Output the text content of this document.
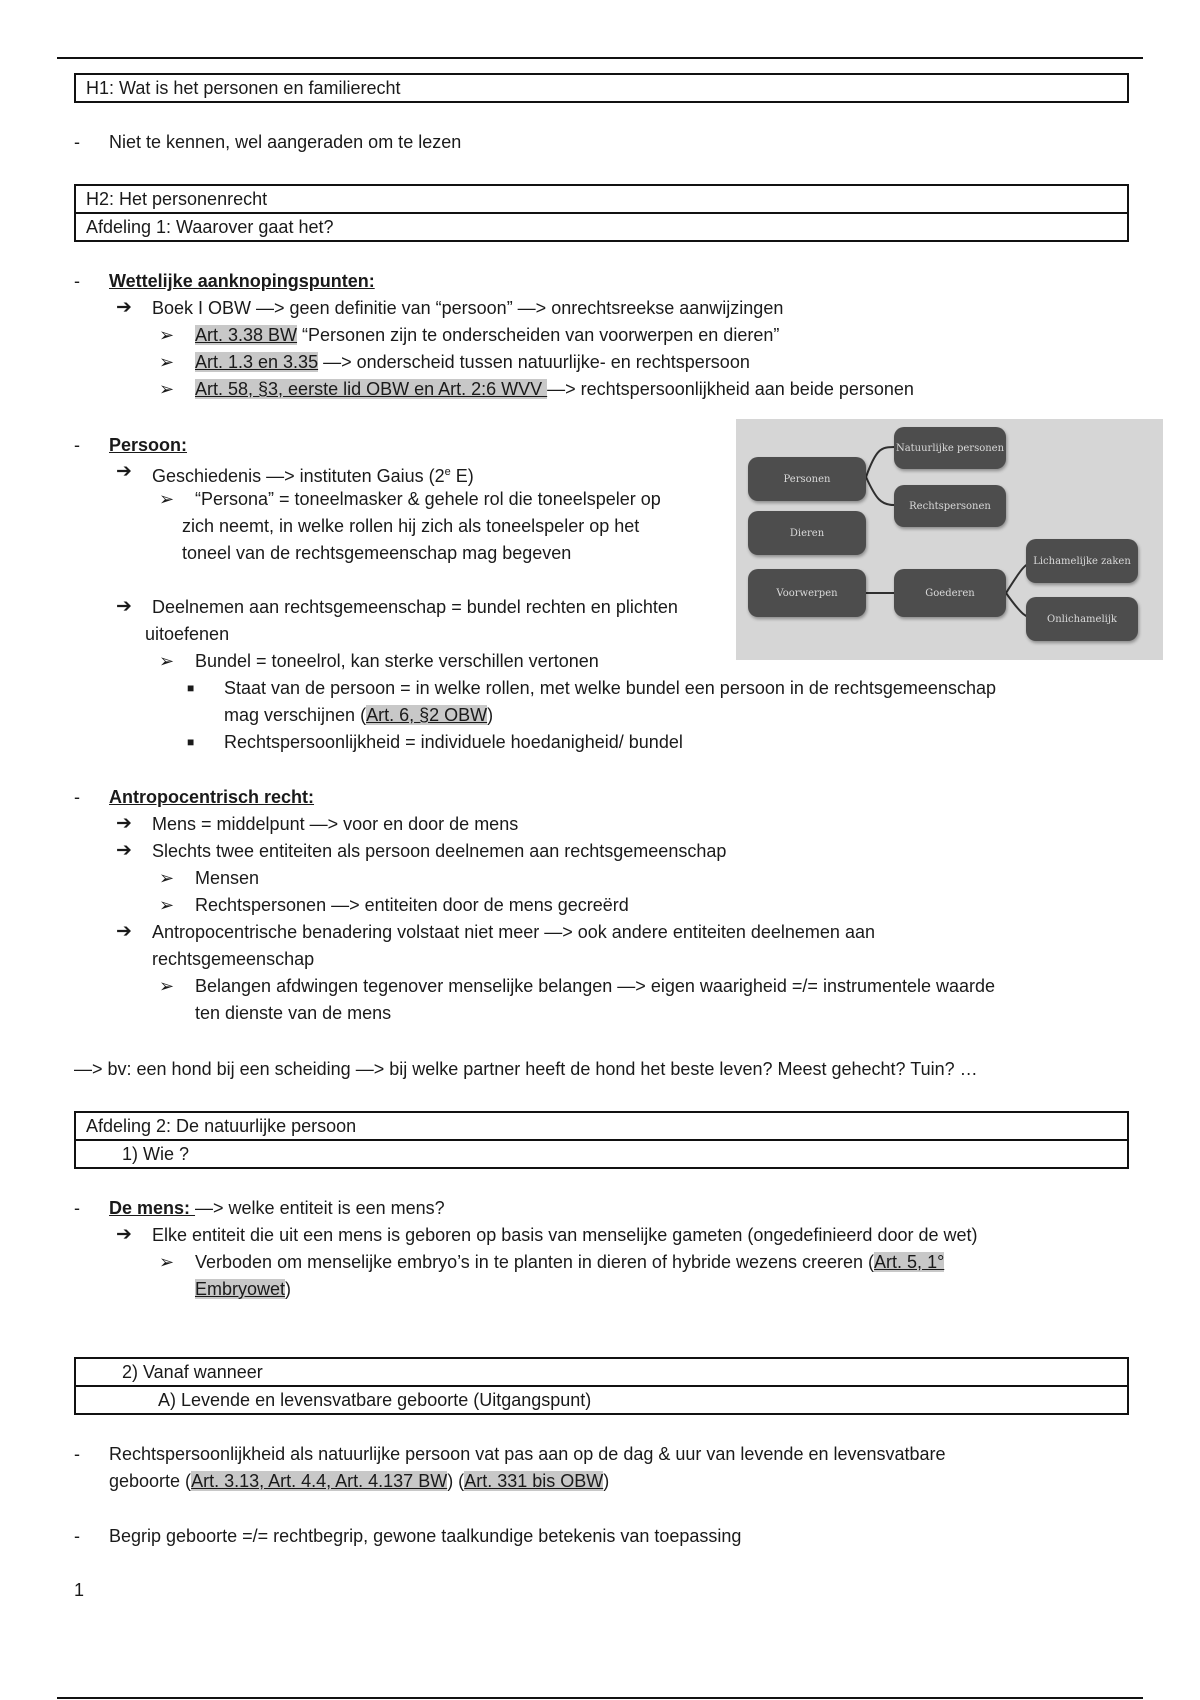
H1: Wat is het personen en familierecht
- Niet te kennen, wel aangeraden om te lezen
H2: Het personenrecht
Afdeling 1: Waarover gaat het?
- Wettelijke aanknopingspunten:
➔ Boek I OBW —> geen definitie van “persoon” —> onrechtsreekse aanwijzingen
➢ Art. 3.38 BW “Personen zijn te onderscheiden van voorwerpen en dieren”
➢ Art. 1.3 en 3.35 —> onderscheid tussen natuurlijke- en rechtspersoon
➢ Art. 58, §3, eerste lid OBW en Art. 2:6 WVV —> rechtspersoonlijkheid aan beide personen
- Persoon:
➔ Geschiedenis —> instituten Gaius (2e E)
➢ “Persona” = toneelmasker & gehele rol die toneelspeler op
zich neemt, in welke rollen hij zich als toneelspeler op het
toneel van de rechtsgemeenschap mag begeven
➔ Deelnemen aan rechtsgemeenschap = bundel rechten en plichten
uitoefenen
➢ Bundel = toneelrol, kan sterke verschillen vertonen
■ Staat van de persoon = in welke rollen, met welke bundel een persoon in de rechtsgemeenschap
mag verschijnen (Art. 6, §2 OBW)
■ Rechtspersoonlijkheid = individuele hoedanigheid/ bundel
Personen
Natuurlijke personen
Rechtspersonen
Dieren
Voorwerpen	Goederen
Lichamelijke zaken
Onlichamelijk
- Antropocentrisch recht:
➔ Mens = middelpunt —> voor en door de mens
➔ Slechts twee entiteiten als persoon deelnemen aan rechtsgemeenschap
➢ Mensen
➢ Rechtspersonen —> entiteiten door de mens gecreërd
➔ Antropocentrische benadering volstaat niet meer —> ook andere entiteiten deelnemen aan
rechtsgemeenschap
➢ Belangen afdwingen tegenover menselijke belangen —> eigen waarigheid =/= instrumentele waarde
ten dienste van de mens
—> bv: een hond bij een scheiding —> bij welke partner heeft de hond het beste leven? Meest gehecht? Tuin? …
Afdeling 2: De natuurlijke persoon
1) Wie ?
- De mens: —> welke entiteit is een mens?
➔ Elke entiteit die uit een mens is geboren op basis van menselijke gameten (ongedefinieerd door de wet)
➢ Verboden om menselijke embryo’s in te planten in dieren of hybride wezens creeren (Art. 5, 1°
Embryowet)
2) Vanaf wanneer
A) Levende en levensvatbare geboorte (Uitgangspunt)
- Rechtspersoonlijkheid als natuurlijke persoon vat pas aan op de dag & uur van levende en levensvatbare
geboorte (Art. 3.13, Art. 4.4, Art. 4.137 BW) (Art. 331 bis OBW)
- Begrip geboorte =/= rechtbegrip, gewone taalkundige betekenis van toepassing
1
